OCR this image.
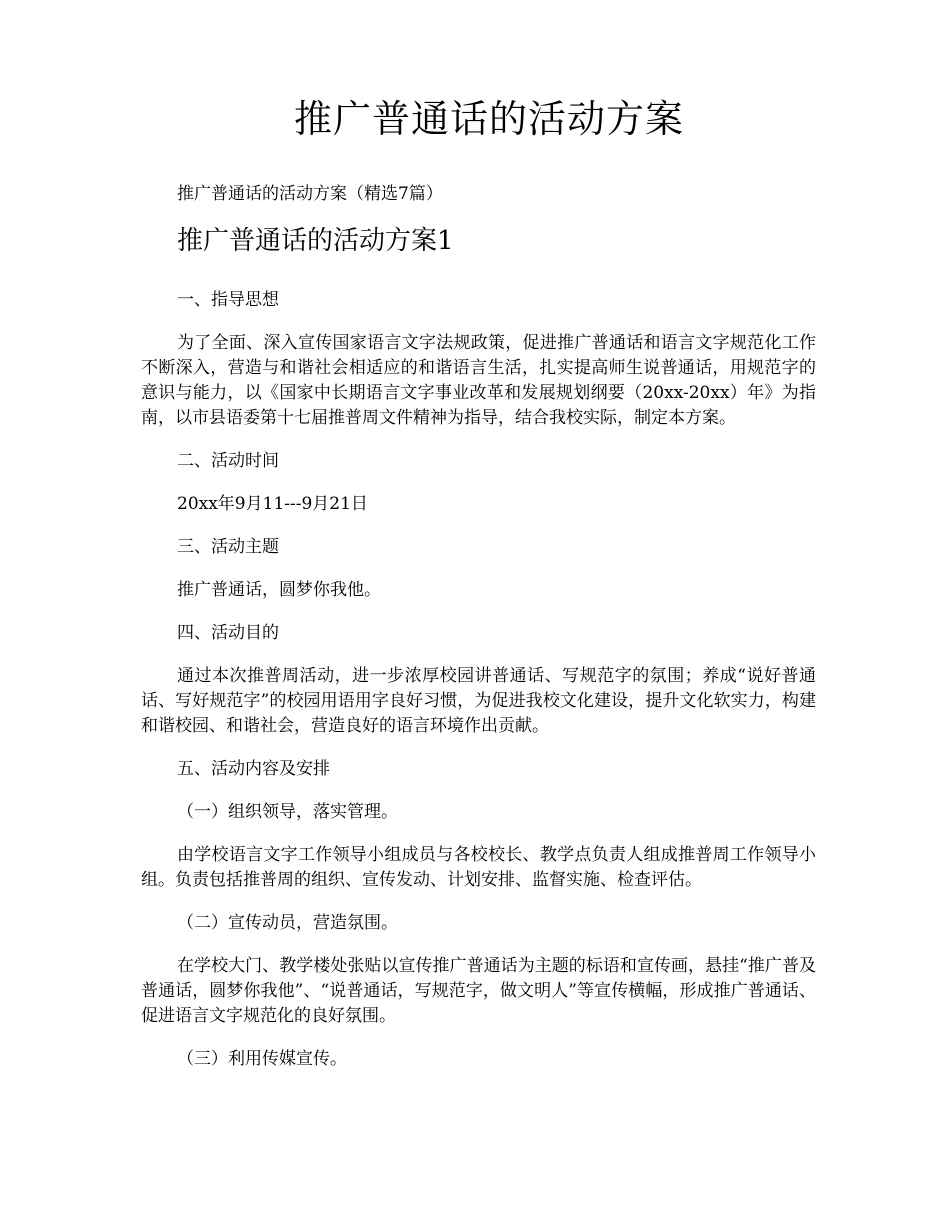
推广普通话的活动方案

推广普通话的活动方案（精选7篇）

推广普通话的活动方案1

一、指导思想

为了全面、深入宣传国家语言文字法规政策，促进推广普通话和语言文字规范化工作不断深入，营造与和谐社会相适应的和谐语言生活，扎实提高师生说普通话，用规范字的意识与能力，以《国家中长期语言文字事业改革和发展规划纲要（20xx-20xx）年》为指南，以市县语委第十七届推普周文件精神为指导，结合我校实际，制定本方案。

二、活动时间

20xx年9月11---9月21日

三、活动主题

推广普通话，圆梦你我他。

四、活动目的

通过本次推普周活动，进一步浓厚校园讲普通话、写规范字的氛围；养成“说好普通话、写好规范字”的校园用语用字良好习惯，为促进我校文化建设，提升文化软实力，构建和谐校园、和谐社会，营造良好的语言环境作出贡献。

五、活动内容及安排

（一）组织领导，落实管理。

由学校语言文字工作领导小组成员与各校校长、教学点负责人组成推普周工作领导小组。负责包括推普周的组织、宣传发动、计划安排、监督实施、检查评估。

（二）宣传动员，营造氛围。

在学校大门、教学楼处张贴以宣传推广普通话为主题的标语和宣传画，悬挂“推广普及普通话，圆梦你我他”、“说普通话，写规范字，做文明人”等宣传横幅，形成推广普通话、促进语言文字规范化的良好氛围。

（三）利用传媒宣传。
